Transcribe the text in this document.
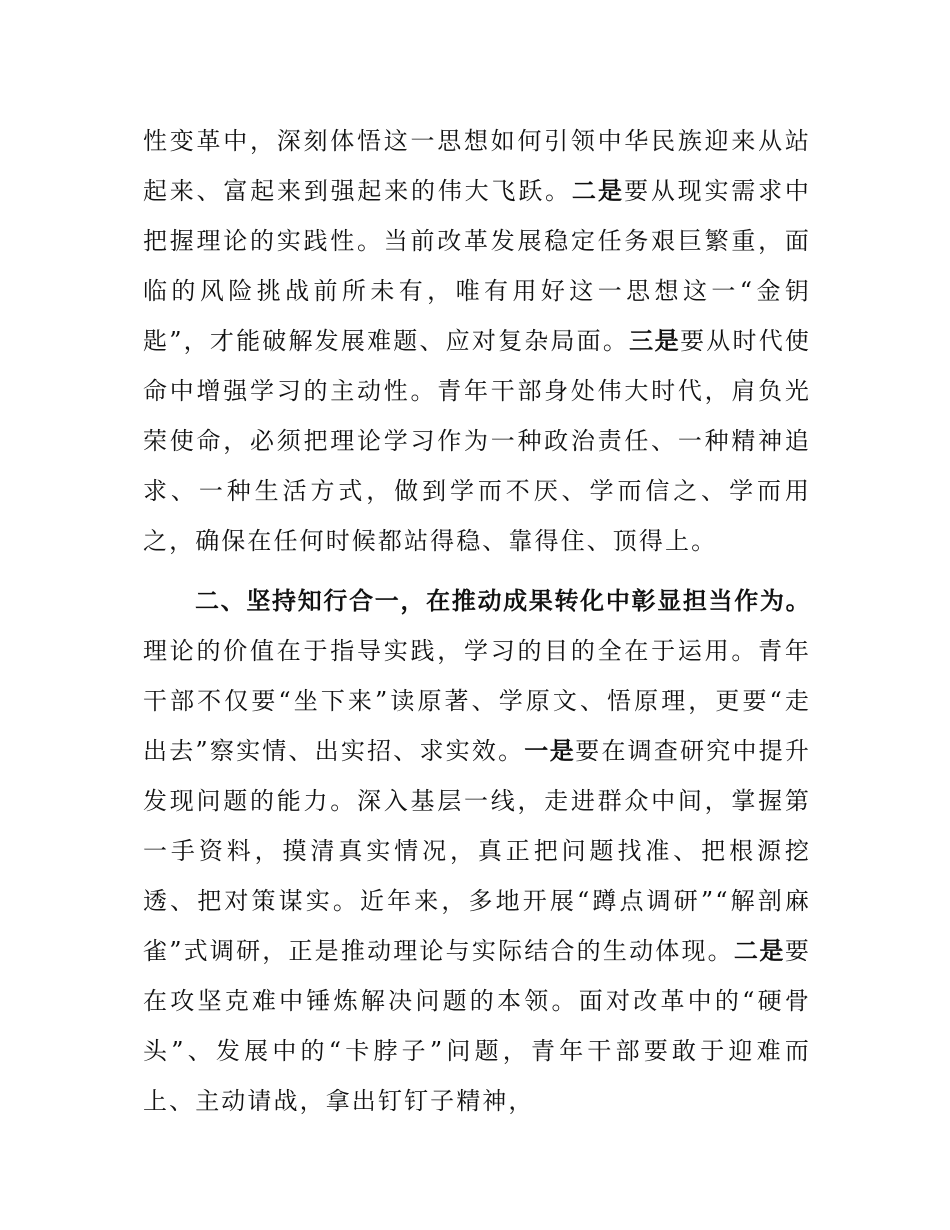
性变革中，深刻体悟这一思想如何引领中华民族迎来从站起来、富起来到强起来的伟大飞跃。二是要从现实需求中把握理论的实践性。当前改革发展稳定任务艰巨繁重，面临的风险挑战前所未有，唯有用好这一思想这一“金钥匙”，才能破解发展难题、应对复杂局面。三是要从时代使命中增强学习的主动性。青年干部身处伟大时代，肩负光荣使命，必须把理论学习作为一种政治责任、一种精神追求、一种生活方式，做到学而不厌、学而信之、学而用之，确保在任何时候都站得稳、靠得住、顶得上。

二、坚持知行合一，在推动成果转化中彰显担当作为。理论的价值在于指导实践，学习的目的全在于运用。青年干部不仅要“坐下来”读原著、学原文、悟原理，更要“走出去”察实情、出实招、求实效。一是要在调查研究中提升发现问题的能力。深入基层一线，走进群众中间，掌握第一手资料，摸清真实情况，真正把问题找准、把根源挖透、把对策谋实。近年来，多地开展“蹲点调研”“解剖麻雀”式调研，正是推动理论与实际结合的生动体现。二是要在攻坚克难中锤炼解决问题的本领。面对改革中的“硬骨头”、发展中的“卡脖子”问题，青年干部要敢于迎难而上、主动请战，拿出钉钉子精神，
